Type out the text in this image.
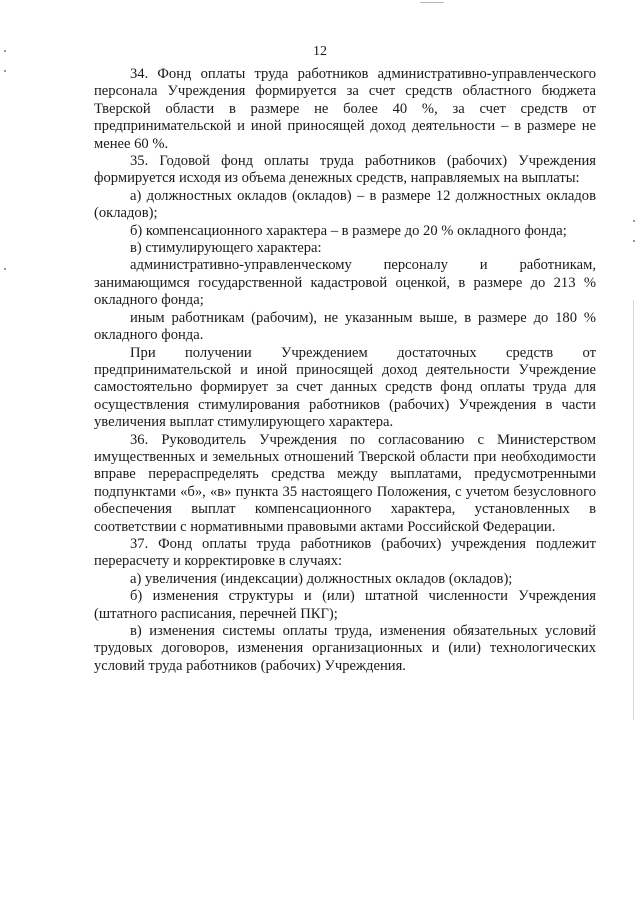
12

34. Фонд оплаты труда работников административно-управленческого персонала Учреждения формируется за счет средств областного бюджета Тверской области в размере не более 40 %, за счет средств от предпринимательской и иной приносящей доход деятельности – в размере не менее 60 %.

35. Годовой фонд оплаты труда работников (рабочих) Учреждения формируется исходя из объема денежных средств, направляемых на выплаты:

а) должностных окладов (окладов) – в размере 12 должностных окладов (окладов);

б) компенсационного характера – в размере до 20 % окладного фонда;

в) стимулирующего характера:

административно-управленческому персоналу и работникам, занимающимся государственной кадастровой оценкой, в размере до 213 % окладного фонда;

иным работникам (рабочим), не указанным выше, в размере до 180 % окладного фонда.

При получении Учреждением достаточных средств от предпринимательской и иной приносящей доход деятельности Учреждение самостоятельно формирует за счет данных средств фонд оплаты труда для осуществления стимулирования работников (рабочих) Учреждения в части увеличения выплат стимулирующего характера.

36. Руководитель Учреждения по согласованию с Министерством имущественных и земельных отношений Тверской области при необходимости вправе перераспределять средства между выплатами, предусмотренными подпунктами «б», «в» пункта 35 настоящего Положения, с учетом безусловного обеспечения выплат компенсационного характера, установленных в соответствии с нормативными правовыми актами Российской Федерации.

37. Фонд оплаты труда работников (рабочих) учреждения подлежит перерасчету и корректировке в случаях:

а) увеличения (индексации) должностных окладов (окладов);

б) изменения структуры и (или) штатной численности Учреждения (штатного расписания, перечней ПКГ);

в) изменения системы оплаты труда, изменения обязательных условий трудовых договоров, изменения организационных и (или) технологических условий труда работников (рабочих) Учреждения.
